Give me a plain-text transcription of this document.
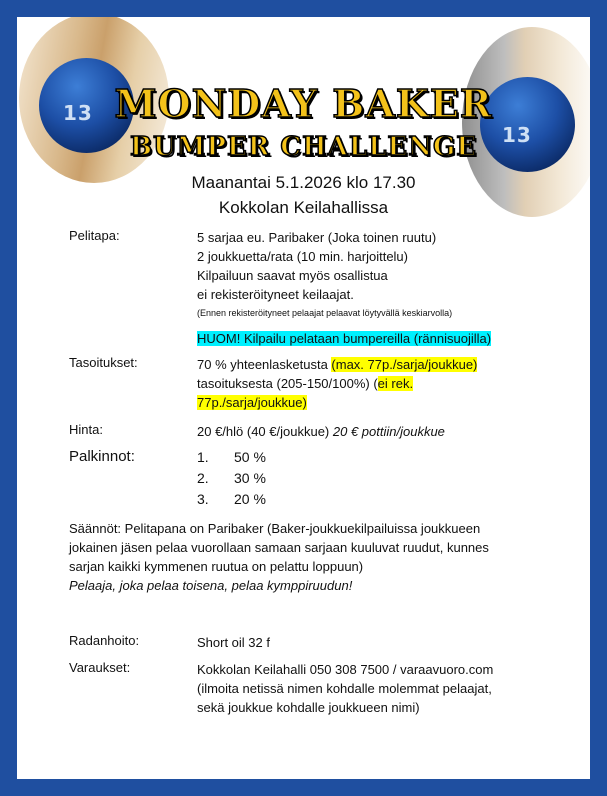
13
13
MONDAY BAKER
BUMPER CHALLENGE
Maanantai 5.1.2026 klo 17.30
Kokkolan Keilahallissa
Pelitapa:	5 sarjaa eu. Paribaker (Joka toinen ruutu)
2 joukkuetta/rata (10 min. harjoittelu)
Kilpailuun saavat myös osallistua
ei rekisteröityneet keilaajat.
(Ennen rekisteröityneet pelaajat pelaavat löytyvällä keskiarvolla)
HUOM! Kilpailu pelataan bumpereilla (rännisuojilla)
Tasoitukset:	70 % yhteenlasketusta (max. 77p./sarja/joukkue)
tasoituksesta (205-150/100%) (ei rek.
77p./sarja/joukkue)
Hinta:	20 €/hlö (40 €/joukkue) 20 € pottiin/joukkue
Palkinnot:	1. 50 %
2. 30 %
3. 20 %
Säännöt: Pelitapana on Paribaker (Baker-joukkuekilpailuissa joukkueen
jokainen jäsen pelaa vuorollaan samaan sarjaan kuuluvat ruudut, kunnes
sarjan kaikki kymmenen ruutua on pelattu loppuun)
Pelaaja, joka pelaa toisena, pelaa kymppiruudun!
Radanhoito:	Short oil 32 f
Varaukset:	Kokkolan Keilahalli 050 308 7500 / varaavuoro.com
(ilmoita netissä nimen kohdalle molemmat pelaajat,
sekä joukkue kohdalle joukkueen nimi)
